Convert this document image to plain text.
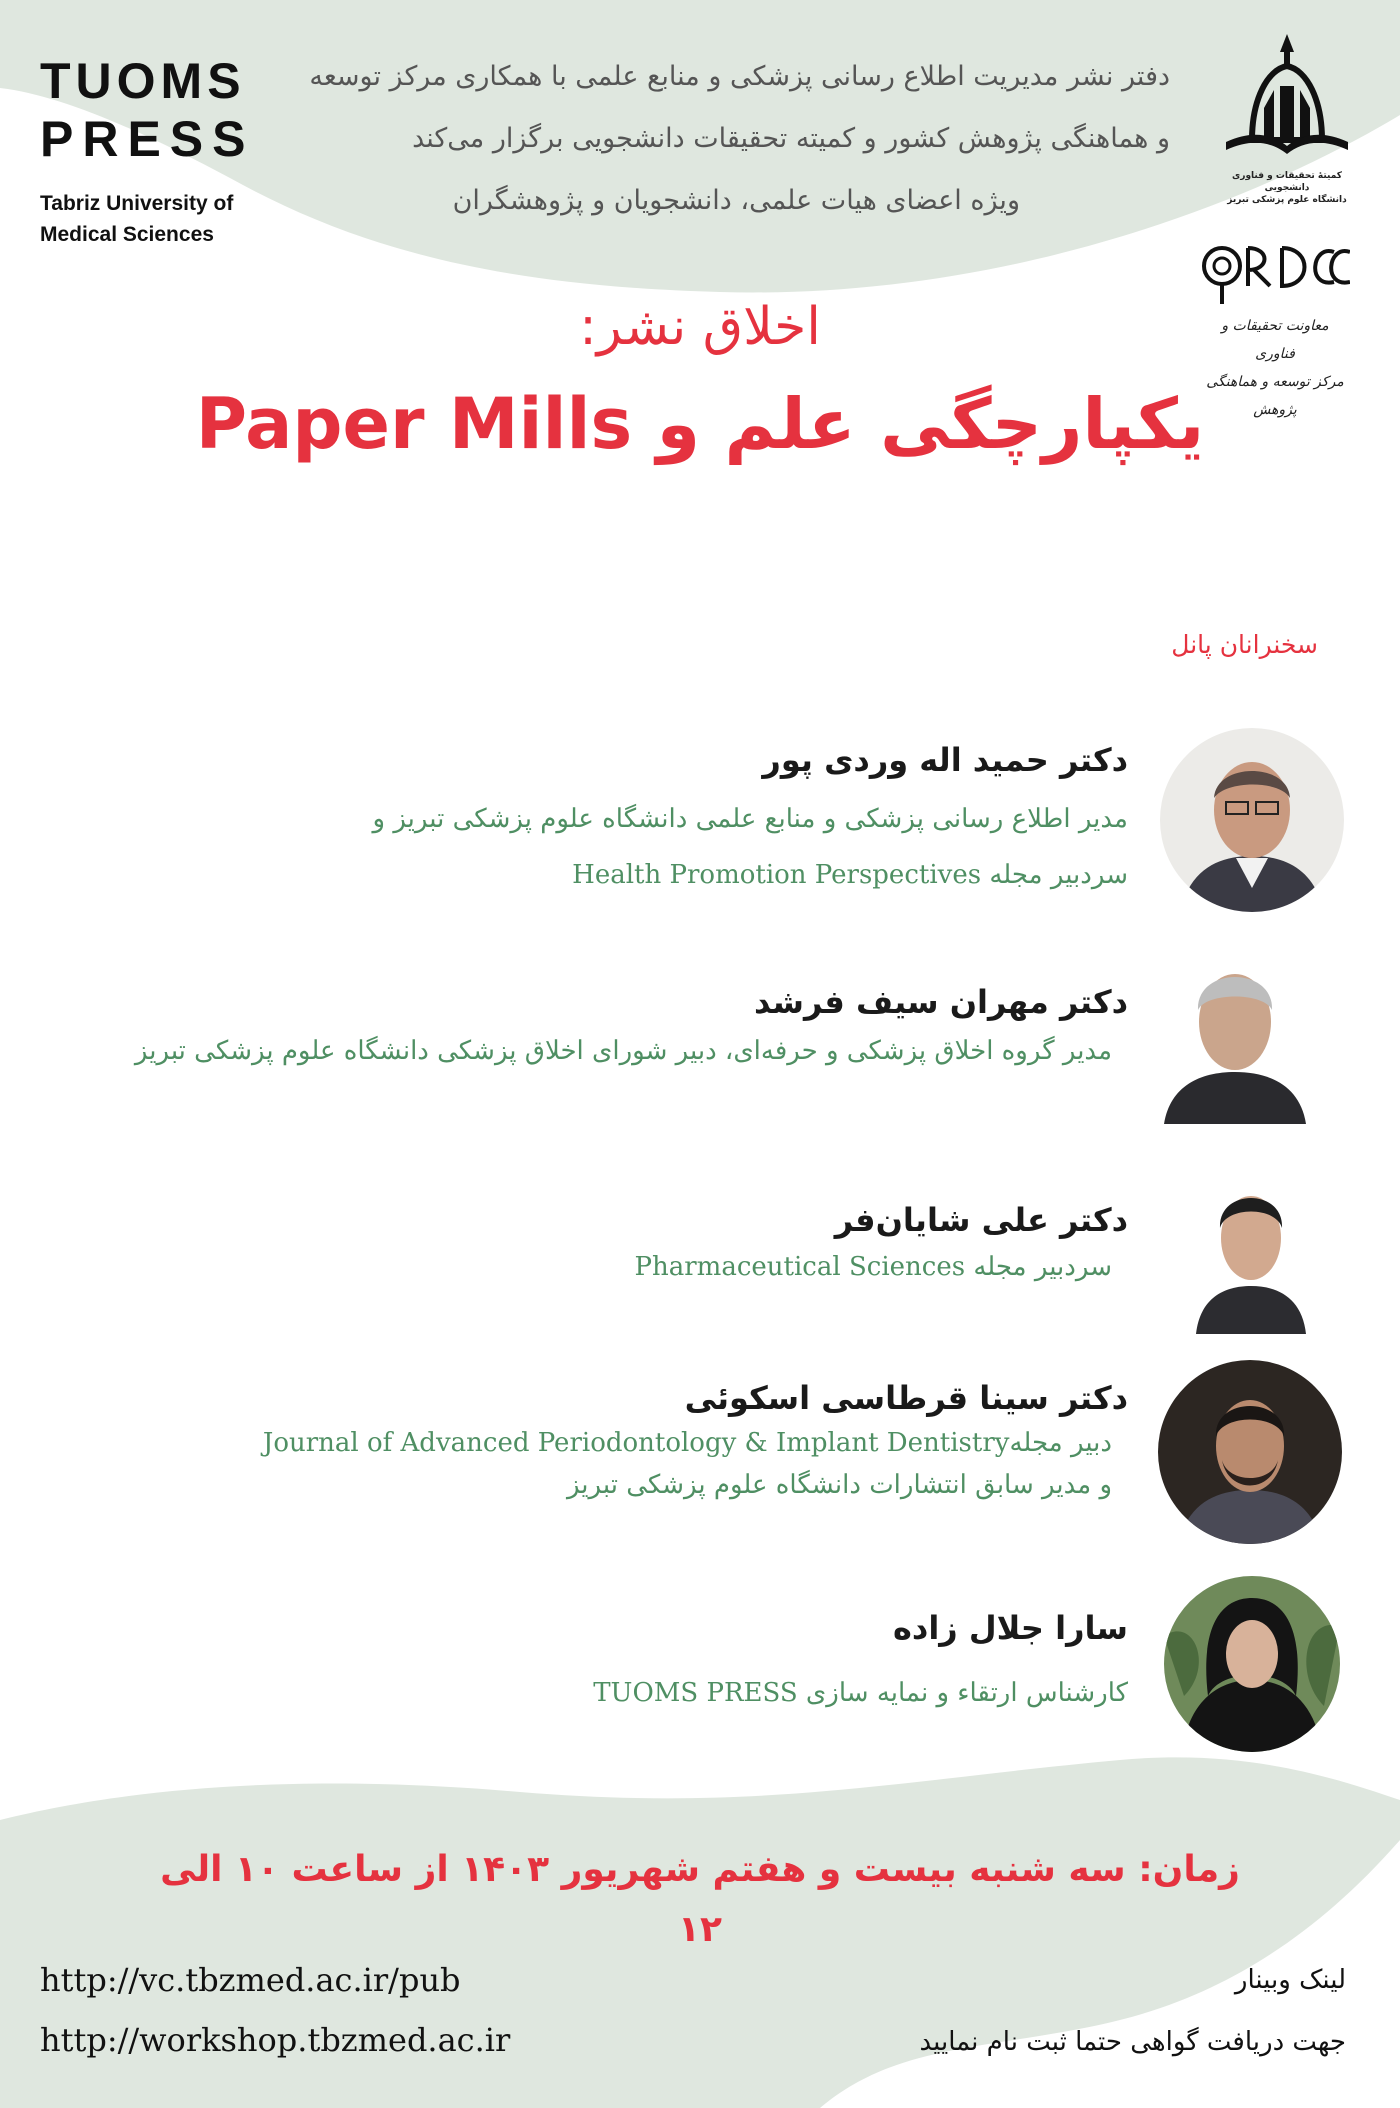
TUOMS
PRESS
Tabriz University of
Medical Sciences
دفتر نشر مدیریت اطلاع رسانی پزشکی و منابع علمی با همکاری مرکز توسعه
و هماهنگی پژوهش کشور و کمیته تحقیقات دانشجویی برگزار می‌کند
ویژه اعضای هیات علمی، دانشجویان و پژوهشگران
کمیتهٔ تحقیقات و فناوری دانشجویی
دانشگاه علوم پزشکی تبریز
معاونت تحقیقات و فناوری
مرکز توسعه و هماهنگی پژوهش
اخلاق نشر:
یکپارچگی علم و Paper Mills
سخنرانان پانل
دکتر حمید اله وردی پور
مدیر اطلاع رسانی پزشکی و منابع علمی دانشگاه علوم پزشکی تبریز و
سردبیر مجله Health Promotion Perspectives
دکتر مهران سیف فرشد
مدیر گروه اخلاق پزشکی و حرفه‌ای، دبیر شورای اخلاق پزشکی دانشگاه علوم پزشکی تبریز
دکتر علی شایان‌فر
سردبیر مجله Pharmaceutical Sciences
دکتر سینا قرطاسی اسکوئی
دبیر مجلهJournal of Advanced Periodontology & Implant Dentistry
و مدیر سابق انتشارات دانشگاه علوم پزشکی تبریز
سارا جلال زاده
کارشناس ارتقاء و نمایه سازی TUOMS PRESS
زمان: سه شنبه بیست و هفتم شهریور ۱۴۰۳ از ساعت ۱۰ الی ۱۲
http://vc.tbzmed.ac.ir/pub
http://workshop.tbzmed.ac.ir
لینک وبینار
جهت دریافت گواهی حتما ثبت نام نمایید
